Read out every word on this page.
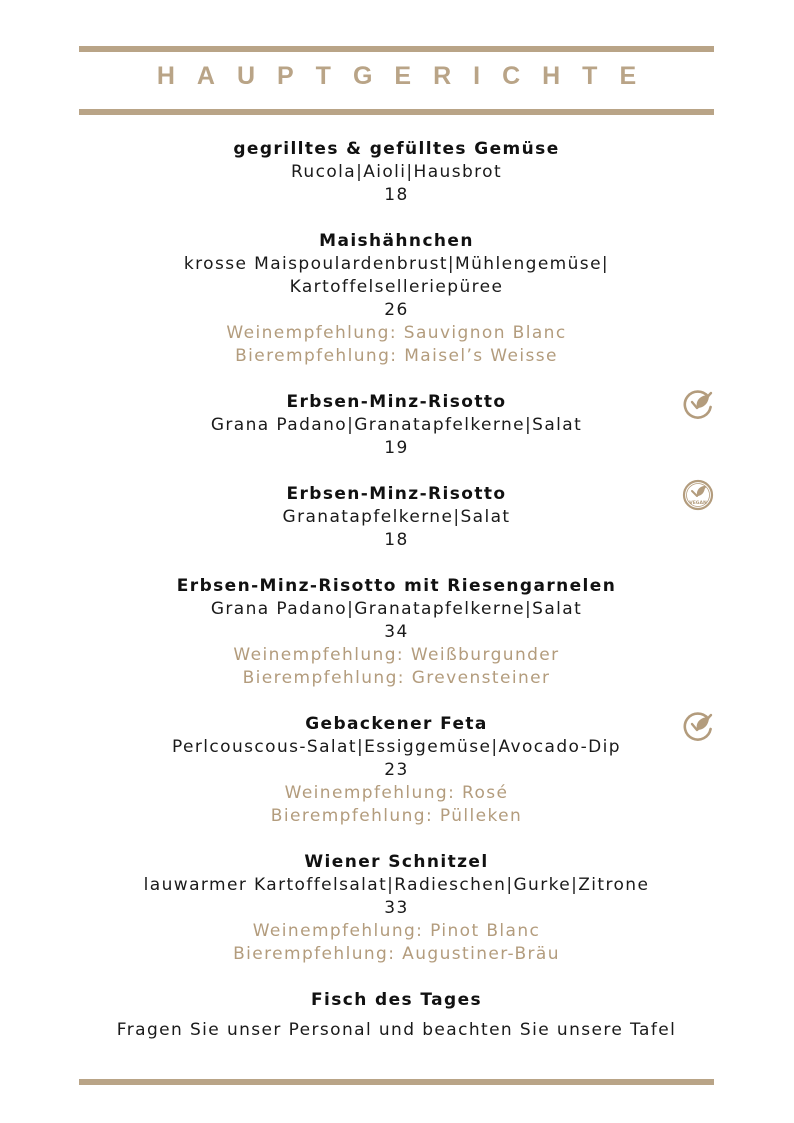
HAUPTGERICHTE
gegrilltes & gefülltes Gemüse
Rucola|Aioli|Hausbrot
18
Maishähnchen
krosse Maispoulardenbrust|Mühlengemüse|
Kartoffelselleriepüree
26
Weinempfehlung: Sauvignon Blanc
Bierempfehlung: Maisel’s Weisse
Erbsen-Minz-Risotto
Grana Padano|Granatapfelkerne|Salat
19
Erbsen-Minz-Risotto
Granatapfelkerne|Salat
18
VEGAN
Erbsen-Minz-Risotto mit Riesengarnelen
Grana Padano|Granatapfelkerne|Salat
34
Weinempfehlung: Weißburgunder
Bierempfehlung: Grevensteiner
Gebackener Feta
Perlcouscous-Salat|Essiggemüse|Avocado-Dip
23
Weinempfehlung: Rosé
Bierempfehlung: Pülleken
Wiener Schnitzel
lauwarmer Kartoffelsalat|Radieschen|Gurke|Zitrone
33
Weinempfehlung: Pinot Blanc
Bierempfehlung: Augustiner-Bräu
Fisch des Tages
Fragen Sie unser Personal und beachten Sie unsere Tafel
